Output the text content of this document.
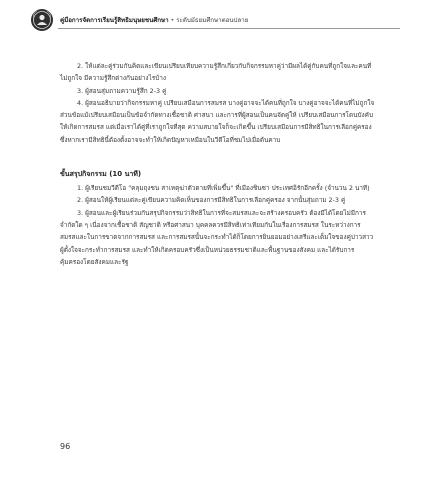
คู่มือการจัดการเรียนรู้สิทธิมนุษยชนศึกษา • ระดับมัธยมศึกษาตอนปลาย

2. ให้แต่ละคู่ร่วมกันคิดและเขียนเปรียบเทียบความรู้สึกเกี่ยวกับกิจกรรมหาคู่ว่ามีผลได้คู่กับคนที่ถูกใจและคนที่ไม่ถูกใจ มีความรู้สึกต่างกันอย่างไรบ้าง

3. ผู้สอนสุ่มถามความรู้สึก 2-3 คู่

4. ผู้สอนอธิบายว่ากิจกรรมหาคู่ เปรียบเสมือนการสมรส บางคู่อาจจะได้คนที่ถูกใจ บางคู่อาจจะได้คนที่ไม่ถูกใจ ส่วนข้อแม้เปรียบเสมือนเป็นข้อจำกัดทางเชื้อชาติ ศาสนา และการที่ผู้สอนเป็นคนจัดคู่ให้ เปรียบเสมือนการโดนบังคับให้เกิดการสมรส แต่เมื่อเราได้คู่ที่เราถูกใจที่สุด ความสบายใจก็จะเกิดขึ้น เปรียบเสมือนการมีสิทธิในการเลือกคู่ครอง ซึ่งหากเรามีสิทธินี้ต้องตั้งอาจจะทำให้เกิดปัญหาเหมือนในวีดีโอที่ชมไปเมื่อต้นคาบ

ขั้นสรุปกิจกรรม (10 นาที)

1. ผู้เรียนชมวีดีโอ "คลุมถุงชน สาเหตุฆ่าตัวตายที่เพิ่มขึ้น" ที่เมืองชินซา ประเทศอิรักอีกครั้ง (จำนวน 2 นาที)

2. ผู้สอนให้ผู้เรียนแต่ละคู่เขียนความคิดเห็นของการมีสิทธิในการเลือกคู่ครอง จากนั้นสุ่มถาม 2-3 คู่

3. ผู้สอนและผู้เรียนร่วมกันสรุปกิจกรรมว่าสิทธิในการที่จะสมรสและจะสร้างครอบครัว ต้องมีได้โดยไม่มีการจำกัดใด ๆ เนื่องจากเชื้อชาติ สัญชาติ หรือศาสนา บุคคลควรมีสิทธิเท่าเทียมกันในเรื่องการสมรส ในระหว่างการสมรสและในการขาดจากการสมรส และการสมรสนั้นจะกระทำได้ก็โดยการยินยอมอย่างเสรีและเต็มใจของคู่บ่าวสาวผู้ตั้งใจจะกระทำการสมรส และทำให้เกิดครอบครัวซึ่งเป็นหน่วยธรรมชาติและพื้นฐานของสังคม และได้รับการคุ้มครองโดยสังคมและรัฐ

96
